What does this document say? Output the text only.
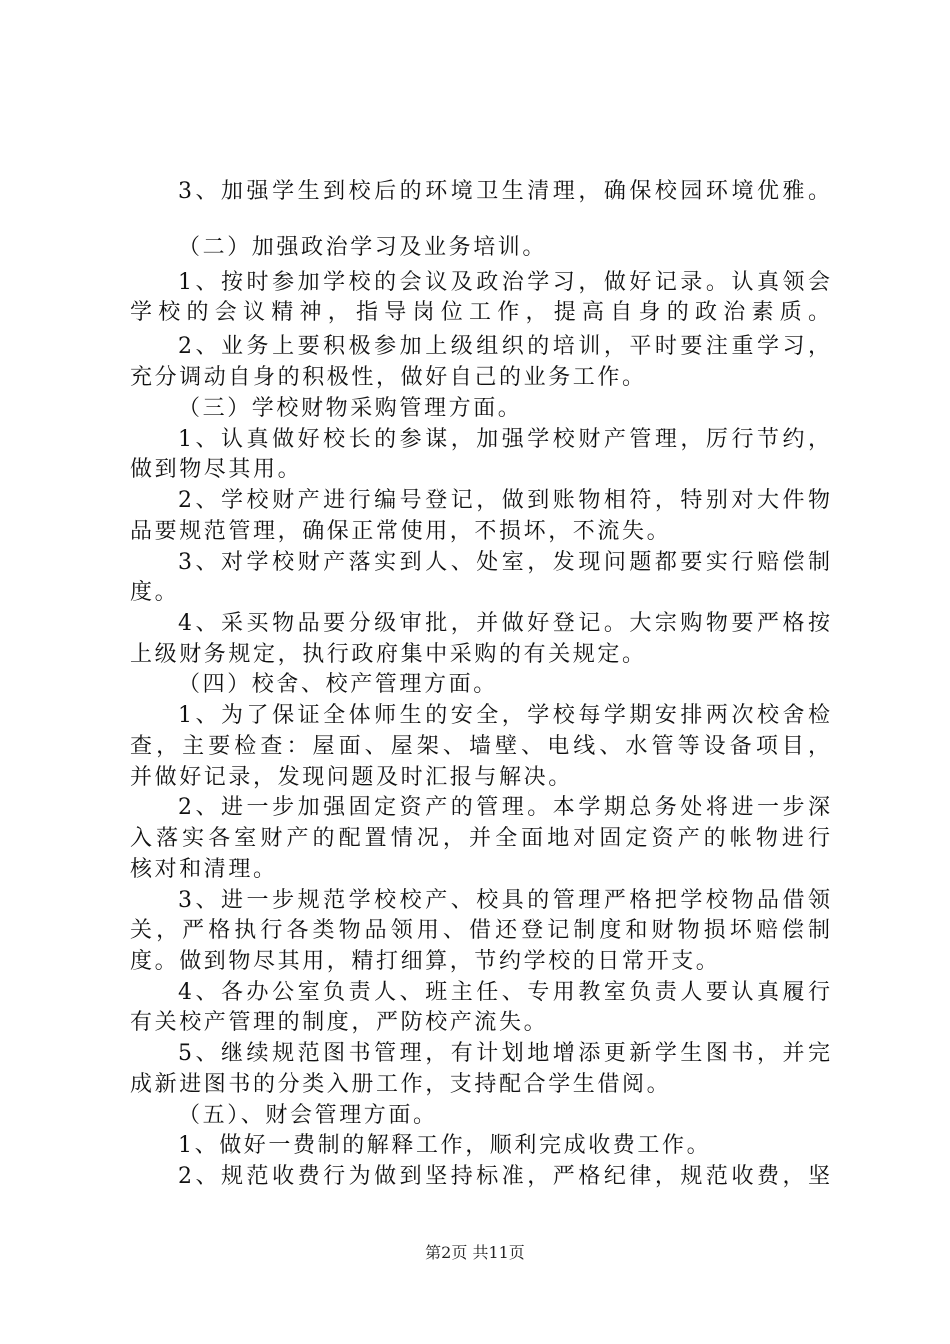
3、加强学生到校后的环境卫生清理，确保校园环境优雅。
（二）加强政治学习及业务培训。
1、按时参加学校的会议及政治学习，做好记录。认真领会
学校的会议精神，指导岗位工作，提高自身的政治素质。
2、业务上要积极参加上级组织的培训，平时要注重学习，
充分调动自身的积极性，做好自己的业务工作。
（三）学校财物采购管理方面。
1、认真做好校长的参谋，加强学校财产管理，厉行节约，
做到物尽其用。
2、学校财产进行编号登记，做到账物相符，特别对大件物
品要规范管理，确保正常使用，不损坏，不流失。
3、对学校财产落实到人、处室，发现问题都要实行赔偿制
度。
4、采买物品要分级审批，并做好登记。大宗购物要严格按
上级财务规定，执行政府集中采购的有关规定。
（四）校舍、校产管理方面。
1、为了保证全体师生的安全，学校每学期安排两次校舍检
查，主要检查：屋面、屋架、墙壁、电线、水管等设备项目，
并做好记录，发现问题及时汇报与解决。
2、进一步加强固定资产的管理。本学期总务处将进一步深
入落实各室财产的配置情况，并全面地对固定资产的帐物进行
核对和清理。
3、进一步规范学校校产、校具的管理严格把学校物品借领
关，严格执行各类物品领用、借还登记制度和财物损坏赔偿制
度。做到物尽其用，精打细算，节约学校的日常开支。
4、各办公室负责人、班主任、专用教室负责人要认真履行
有关校产管理的制度，严防校产流失。
5、继续规范图书管理，有计划地增添更新学生图书，并完
成新进图书的分类入册工作，支持配合学生借阅。
（五）、财会管理方面。
1、做好一费制的解释工作，顺利完成收费工作。
2、规范收费行为做到坚持标准，严格纪律，规范收费，坚
第2页 共11页
